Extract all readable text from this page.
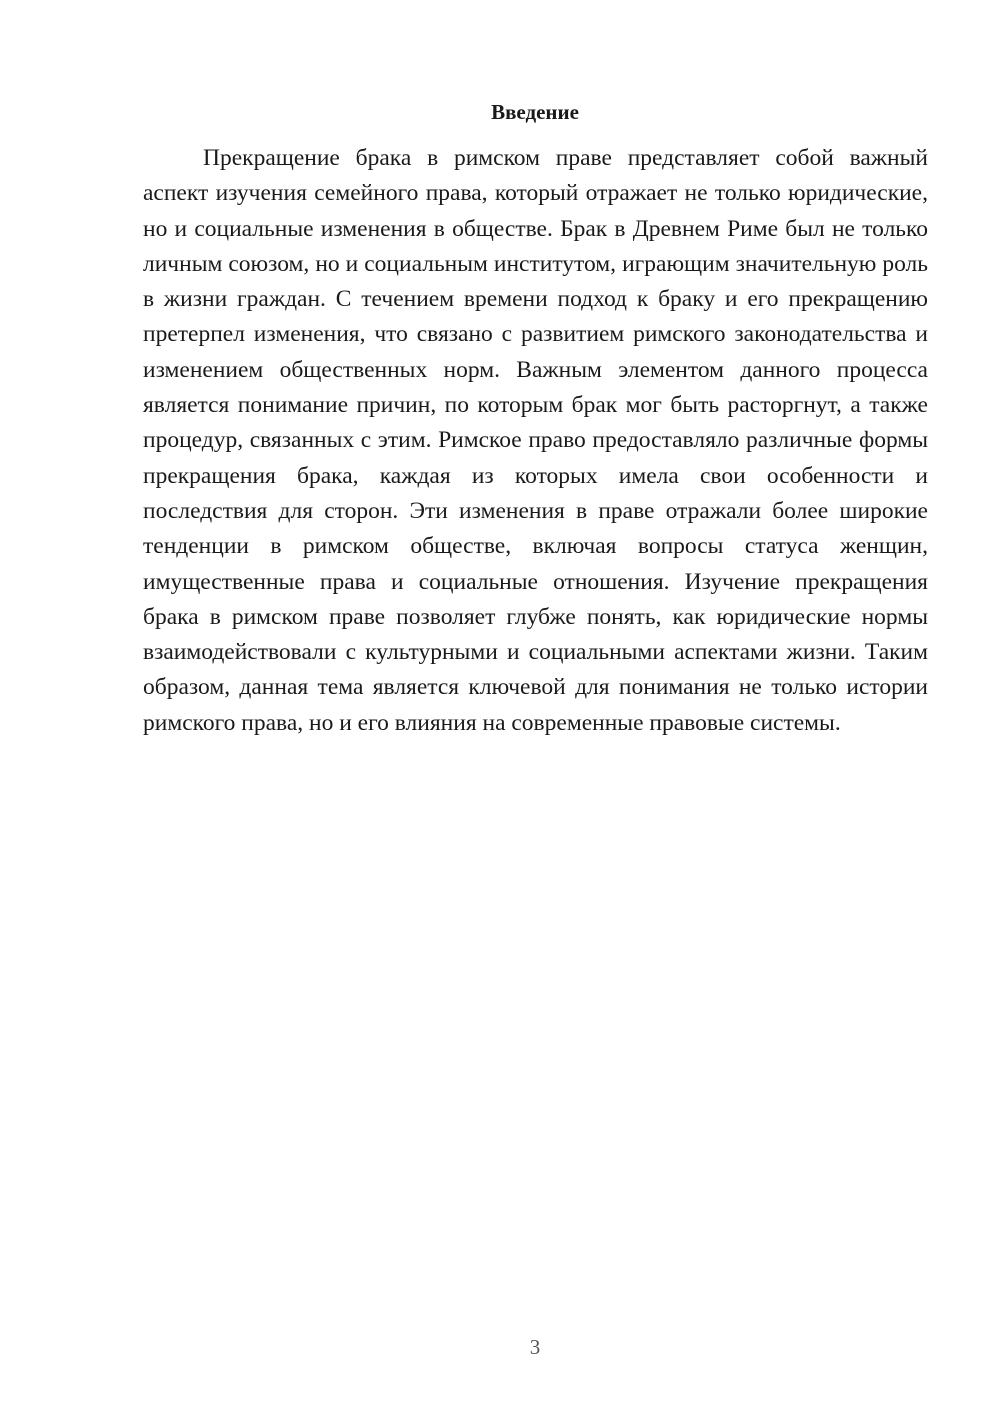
Введение

Прекращение брака в римском праве представляет собой важный аспект изучения семейного права, который отражает не только юридические, но и социальные изменения в обществе. Брак в Древнем Риме был не только личным союзом, но и социальным институтом, играющим значительную роль в жизни граждан. С течением времени подход к браку и его прекращению претерпел изменения, что связано с развитием римского законодательства и изменением общественных норм. Важным элементом данного процесса является понимание причин, по которым брак мог быть расторгнут, а также процедур, связанных с этим. Римское право предоставляло различные формы прекращения брака, каждая из которых имела свои особенности и последствия для сторон. Эти изменения в праве отражали более широкие тенденции в римском обществе, включая вопросы статуса женщин, имущественные права и социальные отношения. Изучение прекращения брака в римском праве позволяет глубже понять, как юридические нормы взаимодействовали с культурными и социальными аспектами жизни. Таким образом, данная тема является ключевой для понимания не только истории римского права, но и его влияния на современные правовые системы.

3
